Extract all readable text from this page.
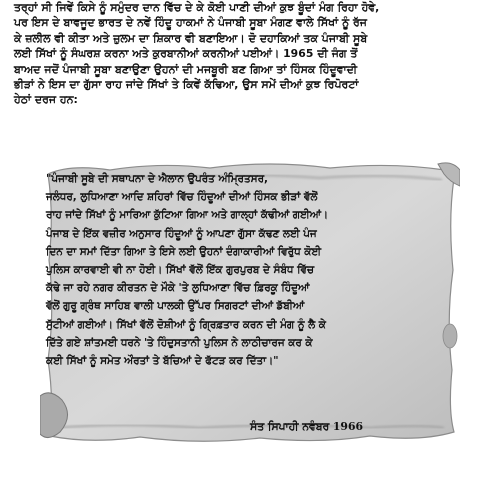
ਤਰ੍ਹਾਂ ਸੀ ਜਿਵੇਂ ਕਿਸੇ ਨੂੰ ਸਮੁੰਦਰ ਦਾਨ ਵਿੱਚ ਦੇ ਕੇ ਕੋਈ ਪਾਣੀ ਦੀਆਂ ਕੁਝ ਬੂੰਦਾਂ ਮੰਗ ਰਿਹਾ ਹੋਵੇ,
ਪਰ ਇਸ ਦੇ ਬਾਵਜੂਦ ਭਾਰਤ ਦੇ ਨਵੇਂ ਹਿੰਦੂ ਹਾਕਮਾਂ ਨੇ ਪੰਜਾਬੀ ਸੂਬਾ ਮੰਗਣ ਵਾਲੇ ਸਿੱਖਾਂ ਨੂੰ ਰੱਜ
ਕੇ ਜ਼ਲੀਲ ਵੀ ਕੀਤਾ ਅਤੇ ਜ਼ੁਲਮ ਦਾ ਸ਼ਿਕਾਰ ਵੀ ਬਣਾਇਆ। ਦੋ ਦਹਾਕਿਆਂ ਤਕ ਪੰਜਾਬੀ ਸੂਬੇ
ਲਈ ਸਿੱਖਾਂ ਨੂੰ ਸੰਘਰਸ਼ ਕਰਨਾ ਅਤੇ ਕੁਰਬਾਨੀਆਂ ਕਰਨੀਆਂ ਪਈਆਂ। 1965 ਦੀ ਜੰਗ ਤੋਂ
ਬਾਅਦ ਜਦੋਂ ਪੰਜਾਬੀ ਸੂਬਾ ਬਣਾਉਣਾ ਉਹਨਾਂ ਦੀ ਮਜਬੂਰੀ ਬਣ ਗਿਆ ਤਾਂ ਹਿੰਸਕ ਹਿੰਦੂਵਾਦੀ
ਭੀੜਾਂ ਨੇ ਇਸ ਦਾ ਗੁੱਸਾ ਰਾਹ ਜਾਂਦੇ ਸਿੱਖਾਂ ਤੇ ਕਿਵੇਂ ਕੱਢਿਆ, ਉਸ ਸਮੇਂ ਦੀਆਂ ਕੁਝ ਰਿਪੋਰਟਾਂ
ਹੇਠਾਂ ਦਰਜ ਹਨ:
"ਪੰਜਾਬੀ ਸੂਬੇ ਦੀ ਸਥਾਪਨਾ ਦੇ ਐਲਾਨ ਉਪਰੰਤ ਅੰਮ੍ਰਿਤਸਰ,
ਜਲੰਧਰ, ਲੁਧਿਆਣਾ ਆਦਿ ਸ਼ਹਿਰਾਂ ਵਿੱਚ ਹਿੰਦੂਆਂ ਦੀਆਂ ਹਿੰਸਕ ਭੀੜਾਂ ਵੱਲੋਂ
ਰਾਹ ਜਾਂਦੇ ਸਿੱਖਾਂ ਨੂੰ ਮਾਰਿਆ ਕੁੱਟਿਆ ਗਿਆ ਅਤੇ ਗਾਲ੍ਹਾਂ ਕੱਢੀਆਂ ਗਈਆਂ।
ਪੰਜਾਬ ਦੇ ਇੱਕ ਵਜ਼ੀਰ ਅਨੁਸਾਰ ਹਿੰਦੂਆਂ ਨੂੰ ਆਪਣਾ ਗੁੱਸਾ ਕੱਢਣ ਲਈ ਪੰਜ
ਦਿਨ ਦਾ ਸਮਾਂ ਦਿੱਤਾ ਗਿਆ ਤੇ ਇਸੇ ਲਈ ਉਹਨਾਂ ਦੰਗਾਕਾਰੀਆਂ ਵਿਰੁੱਧ ਕੋਈ
ਪੁਲਿਸ ਕਾਰਵਾਈ ਵੀ ਨਾ ਹੋਈ। ਸਿੱਖਾਂ ਵੱਲੋਂ ਇੱਕ ਗੁਰਪੁਰਬ ਦੇ ਸੰਬੰਧ ਵਿੱਚ
ਕੱਢੇ ਜਾ ਰਹੇ ਨਗਰ ਕੀਰਤਨ ਦੇ ਮੌਕੇ 'ਤੇ ਲੁਧਿਆਣਾ ਵਿੱਚ ਫ਼ਿਰਕੂ ਹਿੰਦੂਆਂ
ਵੱਲੋਂ ਗੁਰੂ ਗ੍ਰੰਥ ਸਾਹਿਬ ਵਾਲੀ ਪਾਲਕੀ ਉੱਪਰ ਸਿਗਰਟਾਂ ਦੀਆਂ ਡੱਬੀਆਂ
ਸੁੱਟੀਆਂ ਗਈਆਂ। ਸਿੱਖਾਂ ਵੱਲੋਂ ਦੋਸ਼ੀਆਂ ਨੂੰ ਗ੍ਰਿਫ਼ਤਾਰ ਕਰਨ ਦੀ ਮੰਗ ਨੂੰ ਲੈ ਕੇ
ਦਿੱਤੇ ਗਏ ਸ਼ਾਂਤਮਈ ਧਰਨੇ 'ਤੇ ਹਿੰਦੁਸਤਾਨੀ ਪੁਲਿਸ ਨੇ ਲਾਠੀਚਾਰਜ ਕਰ ਕੇ
ਕਈ ਸਿੱਖਾਂ ਨੂੰ ਸਮੇਤ ਔਰਤਾਂ ਤੇ ਬੱਚਿਆਂ ਦੇ ਫੱਟੜ ਕਰ ਦਿੱਤਾ।"
ਸੰਤ ਸਿਪਾਹੀ ਨਵੰਬਰ 1966
